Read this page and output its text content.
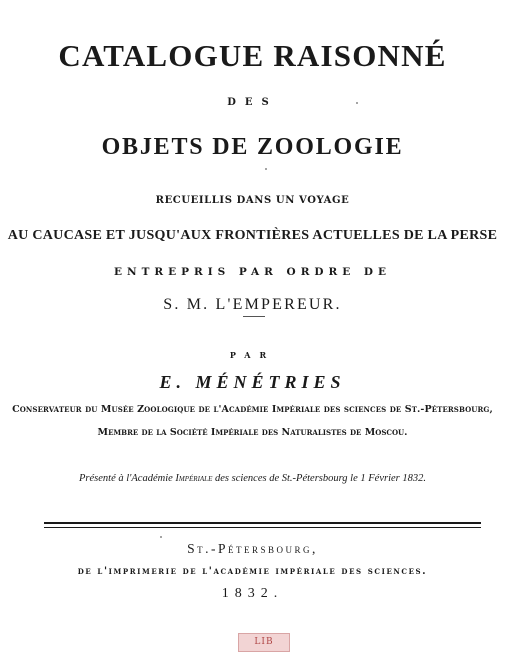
CATALOGUE RAISONNÉ
DES
OBJETS DE ZOOLOGIE
RECUEILLIS DANS UN VOYAGE
AU CAUCASE ET JUSQU'AUX FRONTIÈRES ACTUELLES DE LA PERSE
ENTREPRIS PAR ORDRE DE
S. M. L'EMPEREUR.
PAR
E. MÉNÉTRIES
Conservateur du Musée Zoologique de l'Académie Impériale des sciences de St.-Pétersbourg,
Membre de la Société Impériale des Naturalistes de Moscou.
Présenté à l'Académie Impériale des sciences de St.-Pétersbourg le 1 Février 1832.
St.-Pétersbourg,
de l'imprimerie de l'académie impériale des sciences.
1832.
LIB
